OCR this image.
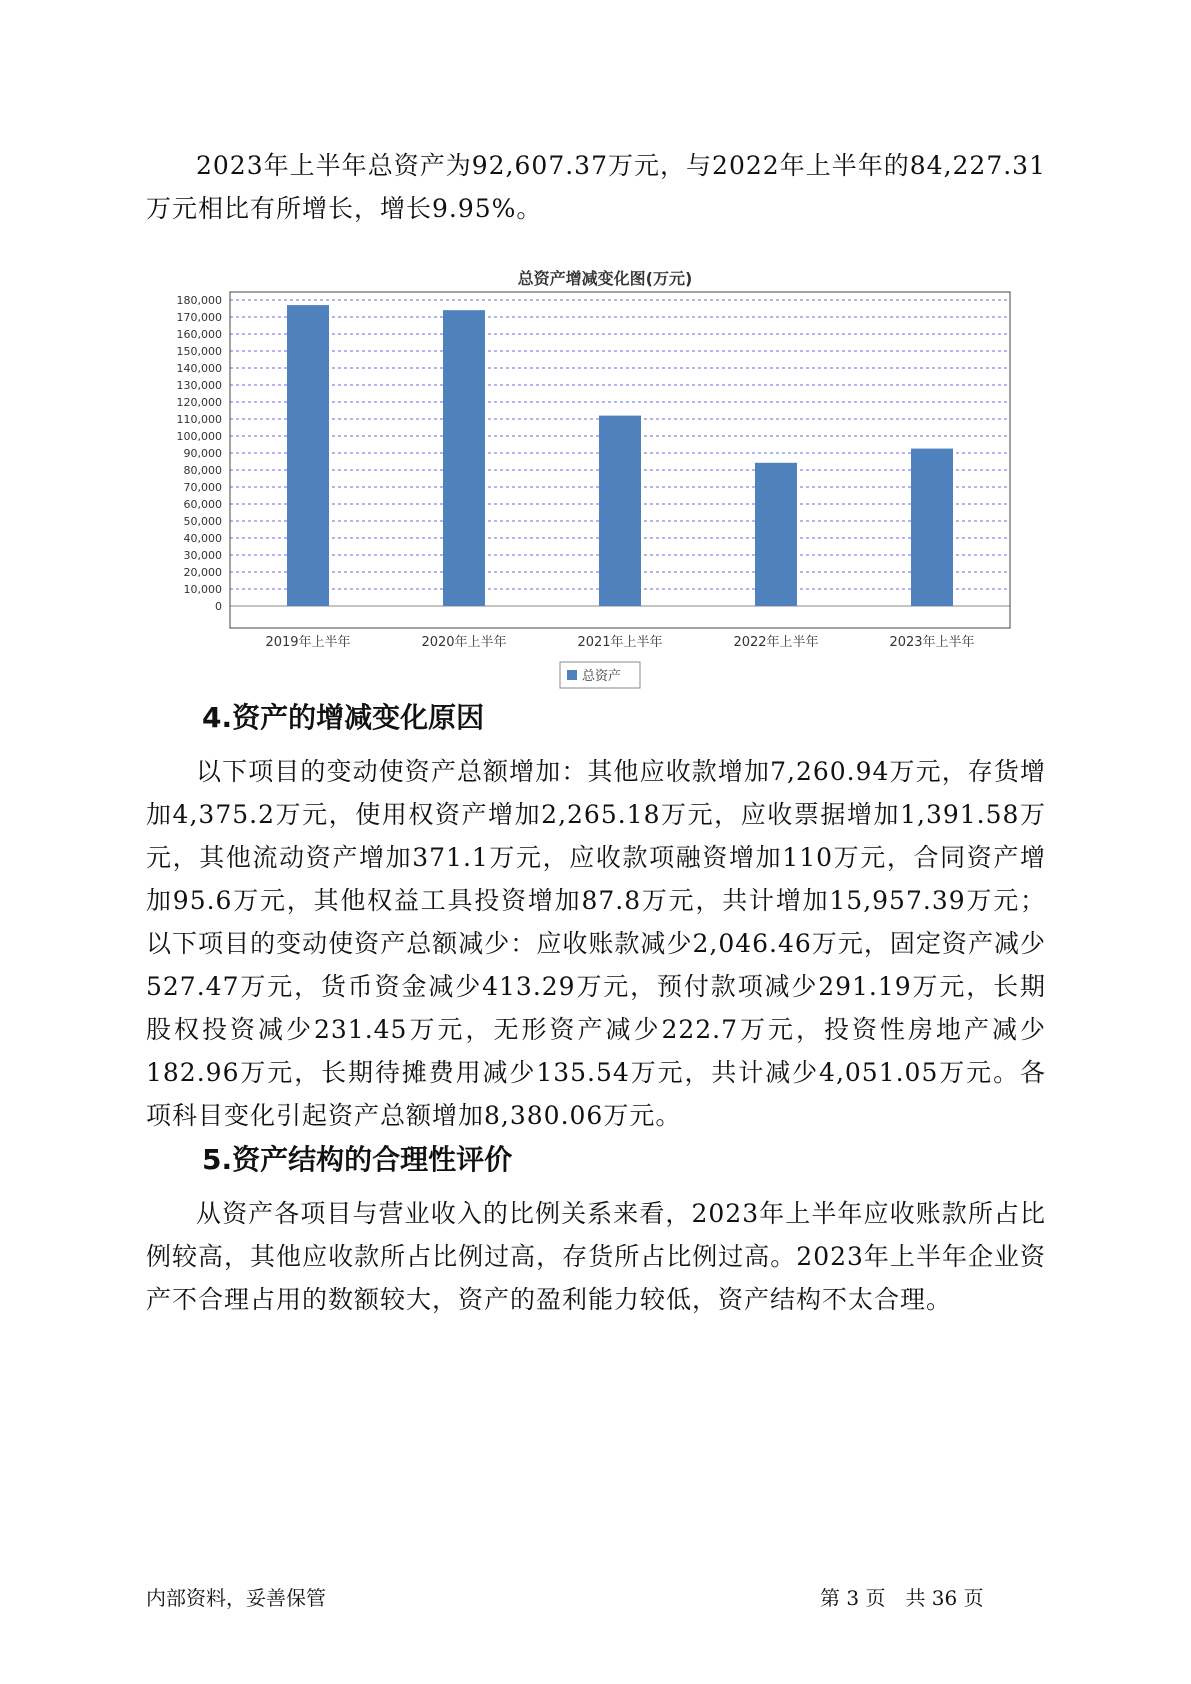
2023年上半年总资产为92,607.37万元，与2022年上半年的84,227.31万元相比有所增长，增长9.95%。

总资产增减变化图(万元)
0
10,000
20,000
30,000
40,000
50,000
60,000
70,000
80,000
90,000
100,000
110,000
120,000
130,000
140,000
150,000
160,000
170,000
180,000
2019年上半年	2020年上半年	2021年上半年	2022年上半年	2023年上半年
总资产
4.资产的增减变化原因

以下项目的变动使资产总额增加：其他应收款增加7,260.94万元，存货增加4,375.2万元，使用权资产增加2,265.18万元，应收票据增加1,391.58万元，其他流动资产增加371.1万元，应收款项融资增加110万元，合同资产增加95.6万元，其他权益工具投资增加87.8万元，共计增加15,957.39万元；以下项目的变动使资产总额减少：应收账款减少2,046.46万元，固定资产减少527.47万元，货币资金减少413.29万元，预付款项减少291.19万元，长期股权投资减少231.45万元，无形资产减少222.7万元，投资性房地产减少182.96万元，长期待摊费用减少135.54万元，共计减少4,051.05万元。各项科目变化引起资产总额增加8,380.06万元。

5.资产结构的合理性评价

从资产各项目与营业收入的比例关系来看，2023年上半年应收账款所占比例较高，其他应收款所占比例过高，存货所占比例过高。2023年上半年企业资产不合理占用的数额较大，资产的盈利能力较低，资产结构不太合理。

内部资料，妥善保管	第 3 页　共 36 页
